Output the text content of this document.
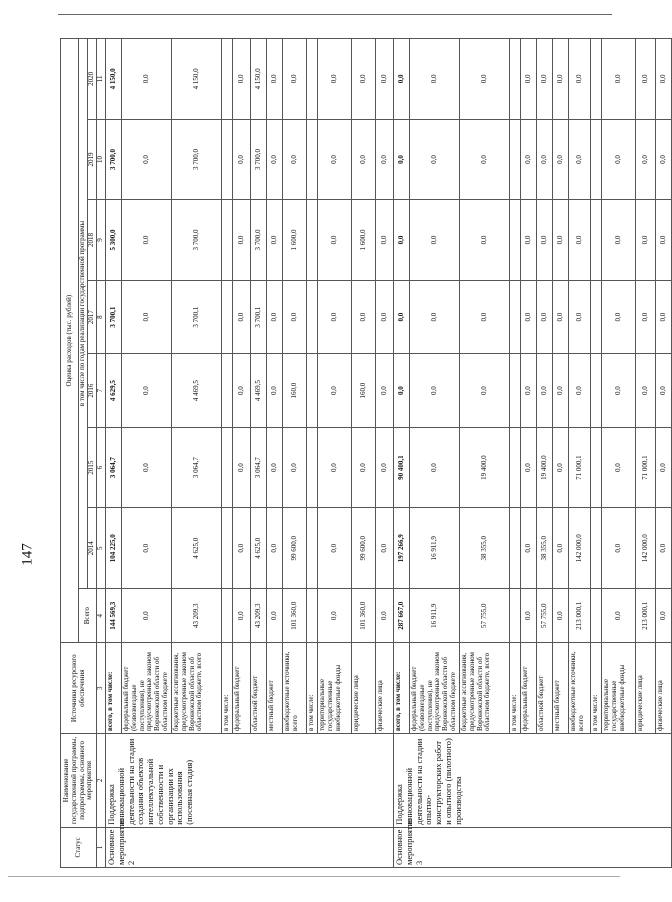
147
Статус	Наименование государственной программы, подпрограммы, основного мероприятия	Источники ресурсного обеспечения	Оценка расходов (тыс. рублей)							
			Всего	в том числе по годам реализации государственной программы						
				2014	2015	2016	2017	2018	2019	2020
1	2	3	4	5	6	7	8	9	10	11
Основное мероприятие 2	Поддержка инновационной деятельности на стадии создания объектов интеллектуальной собственности и организации их использования (посевная стадия)	всего, в том числе:	144 569,3	104 225,0	3 064,7	4 629,5	3 700,1	5 300,0	3 700,0	4 150,0
		федеральный бюджет (безвозмездные поступления), не предусмотренные законом Воронежской области об областном бюджете	0,0	0,0	0,0	0,0	0,0	0,0	0,0	0,0
		бюджетные ассигнования, предусмотренные законом Воронежской области об областном бюджете, всего	43 209,3	4 625,0	3 064,7	4 469,5	3 700,1	3 700,0	3 700,0	4 150,0
		в том числе:								
		федеральный бюджет	0,0	0,0	0,0	0,0	0,0	0,0	0,0	0,0
		областной бюджет	43 209,3	4 625,0	3 064,7	4 469,5	3 700,1	3 700,0	3 700,0	4 150,0
		местный бюджет	0,0	0,0	0,0	0,0	0,0	0,0	0,0	0,0
		внебюджетные источники, всего	101 360,0	99 600,0	0,0	160,0	0,0	1 600,0	0,0	0,0
		в том числе:								
		территориальные государственные внебюджетные фонды	0,0	0,0	0,0	0,0	0,0	0,0	0,0	0,0
		юридические лица	101 360,0	99 600,0	0,0	160,0	0,0	1 600,0	0,0	0,0
		физические лица	0,0	0,0	0,0	0,0	0,0	0,0	0,0	0,0
Основное мероприятие 3	Поддержка инновационной деятельности на стадии опытно-конструкторских работ и опытного (пилотного) производства	всего, в том числе:	287 667,0	197 266,9	90 400,1	0,0	0,0	0,0	0,0	0,0
		федеральный бюджет (безвозмездные поступления), не предусмотренные законом Воронежской области об областном бюджете	16 911,9	16 911,9	0,0	0,0	0,0	0,0	0,0	0,0
		бюджетные ассигнования, предусмотренные законом Воронежской области об областном бюджете, всего	57 755,0	38 355,0	19 400,0	0,0	0,0	0,0	0,0	0,0
		в том числе:								
		федеральный бюджет	0,0	0,0	0,0	0,0	0,0	0,0	0,0	0,0
		областной бюджет	57 755,0	38 355,0	19 400,0	0,0	0,0	0,0	0,0	0,0
		местный бюджет	0,0	0,0	0,0	0,0	0,0	0,0	0,0	0,0
		внебюджетные источники, всего	213 000,1	142 000,0	71 000,1	0,0	0,0	0,0	0,0	0,0
		в том числе:								
		территориальные государственные внебюджетные фонды	0,0	0,0	0,0	0,0	0,0	0,0	0,0	0,0
		юридические лица	213 000,1	142 000,0	71 000,1	0,0	0,0	0,0	0,0	0,0
		физические лица	0,0	0,0	0,0	0,0	0,0	0,0	0,0	0,0
